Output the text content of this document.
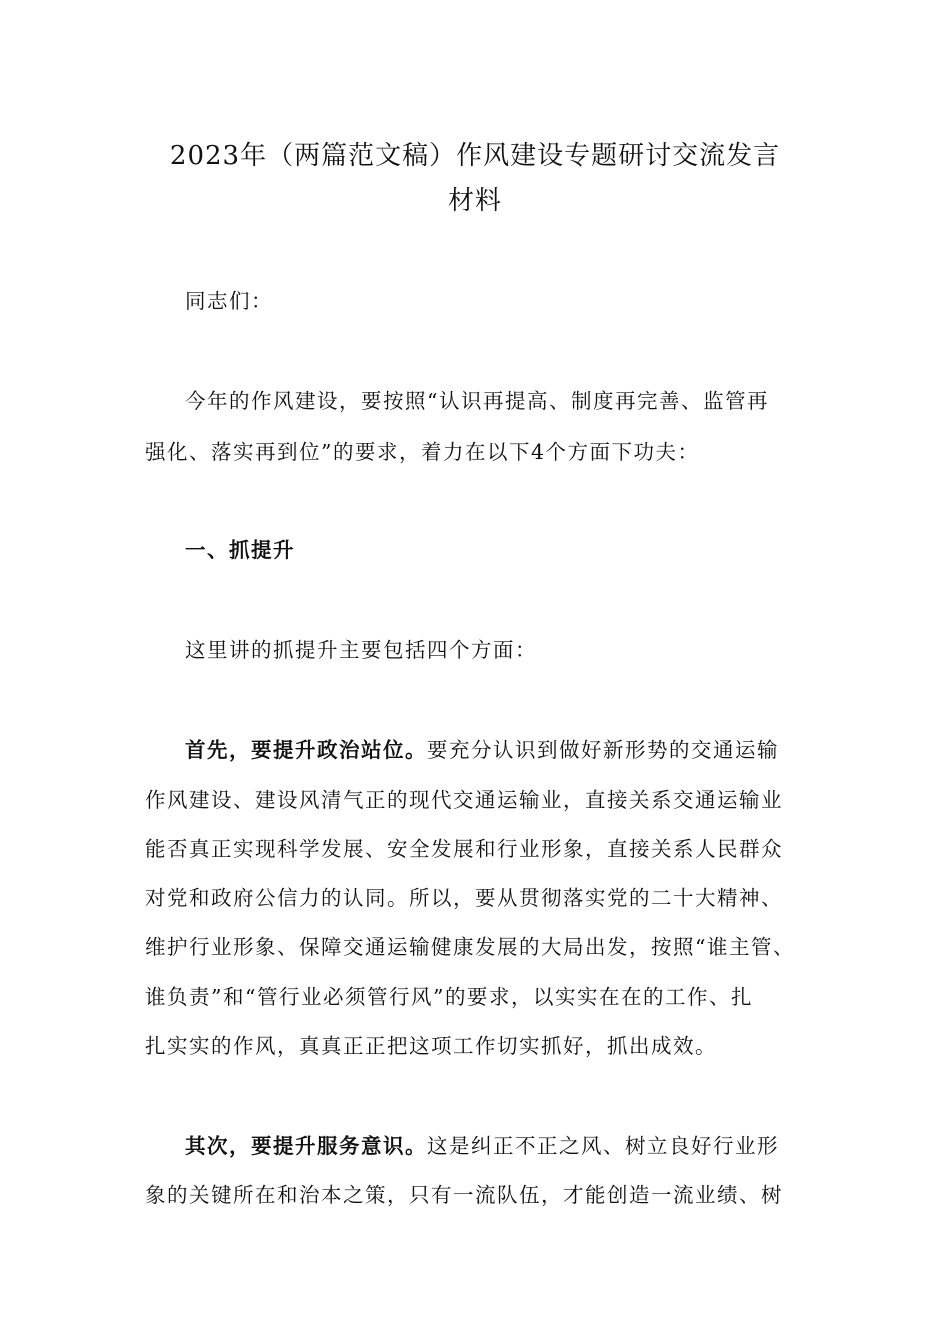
2023年（两篇范文稿）作风建设专题研讨交流发言
材料
同志们：
今年的作风建设，要按照“认识再提高、制度再完善、监管再
强化、落实再到位”的要求，着力在以下4个方面下功夫：
一、抓提升
这里讲的抓提升主要包括四个方面：
首先，要提升政治站位。要充分认识到做好新形势的交通运输
作风建设、建设风清气正的现代交通运输业，直接关系交通运输业
能否真正实现科学发展、安全发展和行业形象，直接关系人民群众
对党和政府公信力的认同。所以，要从贯彻落实党的二十大精神、
维护行业形象、保障交通运输健康发展的大局出发，按照“谁主管、
谁负责”和“管行业必须管行风”的要求，以实实在在的工作、扎
扎实实的作风，真真正正把这项工作切实抓好，抓出成效。
其次，要提升服务意识。这是纠正不正之风、树立良好行业形
象的关键所在和治本之策，只有一流队伍，才能创造一流业绩、树
